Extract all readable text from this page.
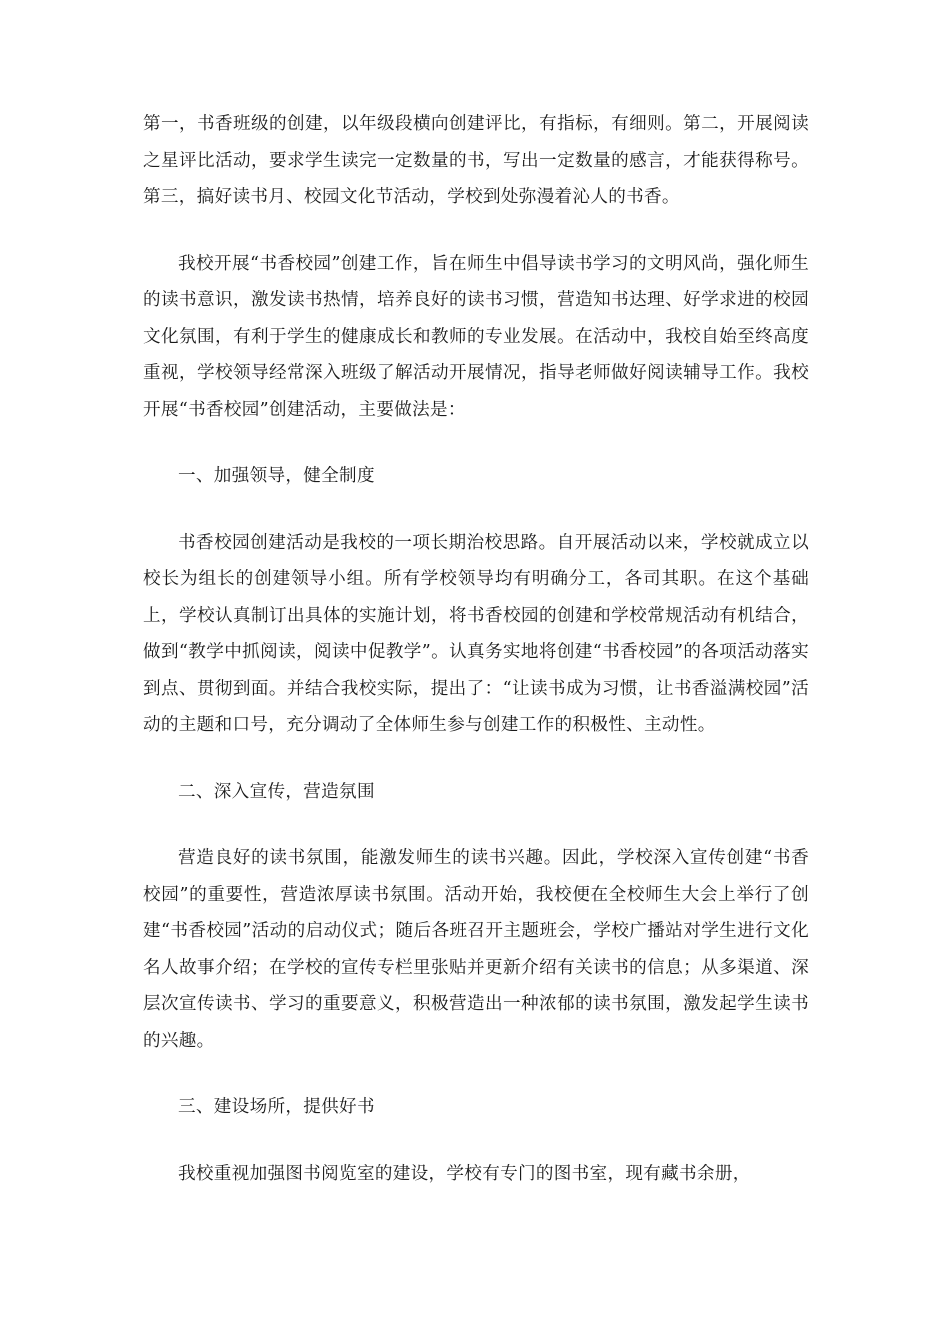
第一，书香班级的创建，以年级段横向创建评比，有指标，有细则。第二，开展阅读之星评比活动，要求学生读完一定数量的书，写出一定数量的感言，才能获得称号。第三，搞好读书月、校园文化节活动，学校到处弥漫着沁人的书香。

我校开展“书香校园”创建工作，旨在师生中倡导读书学习的文明风尚，强化师生的读书意识，激发读书热情，培养良好的读书习惯，营造知书达理、好学求进的校园文化氛围，有利于学生的健康成长和教师的专业发展。在活动中，我校自始至终高度重视，学校领导经常深入班级了解活动开展情况，指导老师做好阅读辅导工作。我校开展“书香校园”创建活动，主要做法是：

一、加强领导，健全制度

书香校园创建活动是我校的一项长期治校思路。自开展活动以来，学校就成立以校长为组长的创建领导小组。所有学校领导均有明确分工，各司其职。在这个基础上，学校认真制订出具体的实施计划，将书香校园的创建和学校常规活动有机结合，做到“教学中抓阅读，阅读中促教学”。认真务实地将创建“书香校园”的各项活动落实到点、贯彻到面。并结合我校实际，提出了：“让读书成为习惯，让书香溢满校园”活动的主题和口号，充分调动了全体师生参与创建工作的积极性、主动性。

二、深入宣传，营造氛围

营造良好的读书氛围，能激发师生的读书兴趣。因此，学校深入宣传创建“书香校园”的重要性，营造浓厚读书氛围。活动开始，我校便在全校师生大会上举行了创建“书香校园”活动的启动仪式；随后各班召开主题班会，学校广播站对学生进行文化名人故事介绍；在学校的宣传专栏里张贴并更新介绍有关读书的信息；从多渠道、深层次宣传读书、学习的重要意义，积极营造出一种浓郁的读书氛围，激发起学生读书的兴趣。

三、建设场所，提供好书

我校重视加强图书阅览室的建设，学校有专门的图书室，现有藏书余册，
